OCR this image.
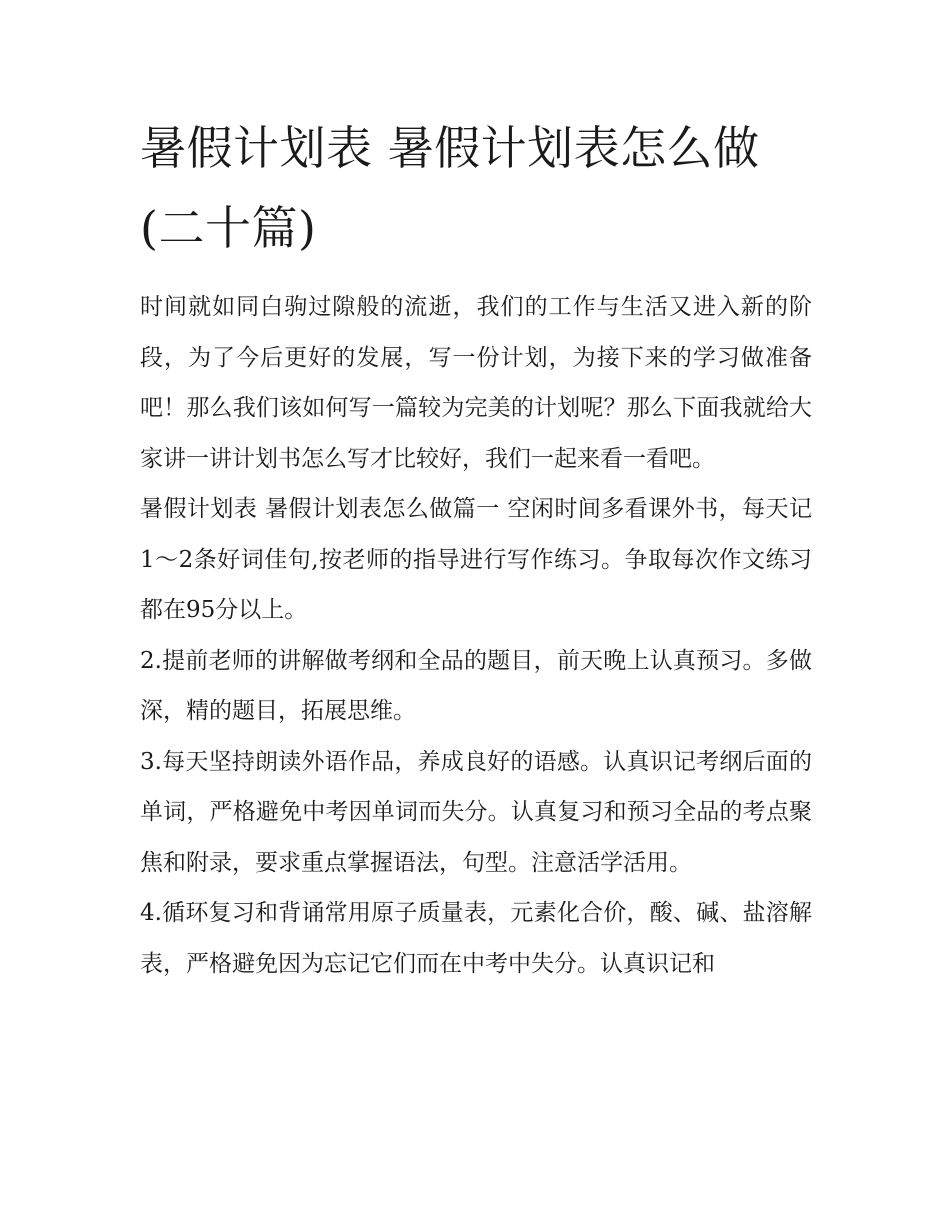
暑假计划表 暑假计划表怎么做(二十篇)

时间就如同白驹过隙般的流逝，我们的工作与生活又进入新的阶段，为了今后更好的发展，写一份计划，为接下来的学习做准备吧！那么我们该如何写一篇较为完美的计划呢？那么下面我就给大家讲一讲计划书怎么写才比较好，我们一起来看一看吧。

暑假计划表 暑假计划表怎么做篇一 空闲时间多看课外书，每天记1～2条好词佳句,按老师的指导进行写作练习。争取每次作文练习都在95分以上。

2.提前老师的讲解做考纲和全品的题目，前天晚上认真预习。多做深，精的题目，拓展思维。

3.每天坚持朗读外语作品，养成良好的语感。认真识记考纲后面的单词，严格避免中考因单词而失分。认真复习和预习全品的考点聚焦和附录，要求重点掌握语法，句型。注意活学活用。

4.循环复习和背诵常用原子质量表，元素化合价，酸、碱、盐溶解表，严格避免因为忘记它们而在中考中失分。认真识记和
